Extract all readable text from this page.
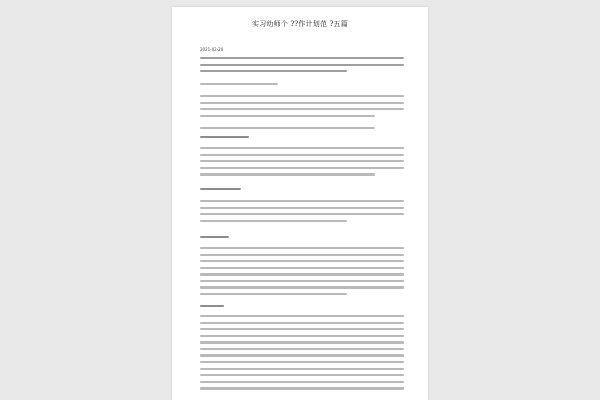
实习幼师个 ??作计划范 ?五篇
2021-02-20
